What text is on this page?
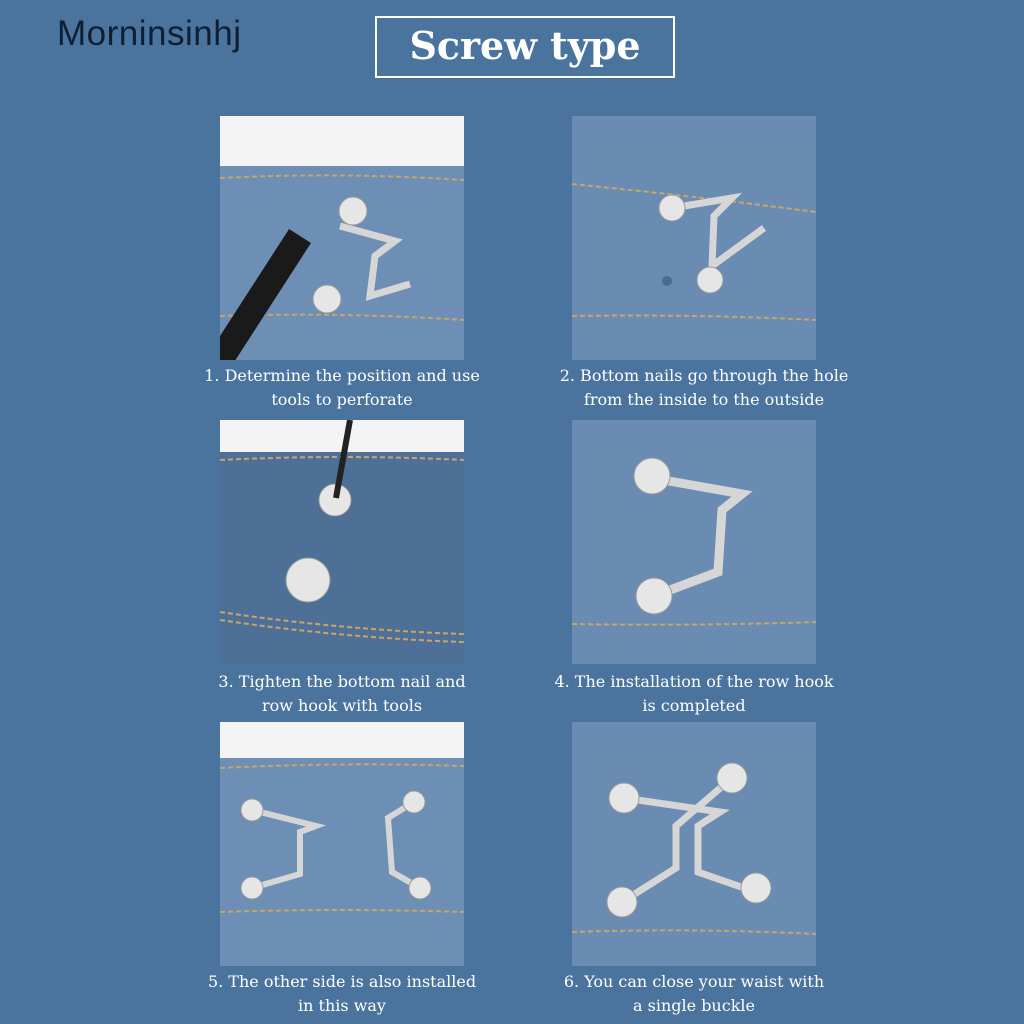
Morninsinhj	Screw type
1. Determine the position and use
tools to perforate
2. Bottom nails go through the hole
from the inside to the outside
3. Tighten the bottom nail and
row hook with tools
4. The installation of the row hook
is completed
5. The other side is also installed
in this way
6. You can close your waist with
a single buckle
